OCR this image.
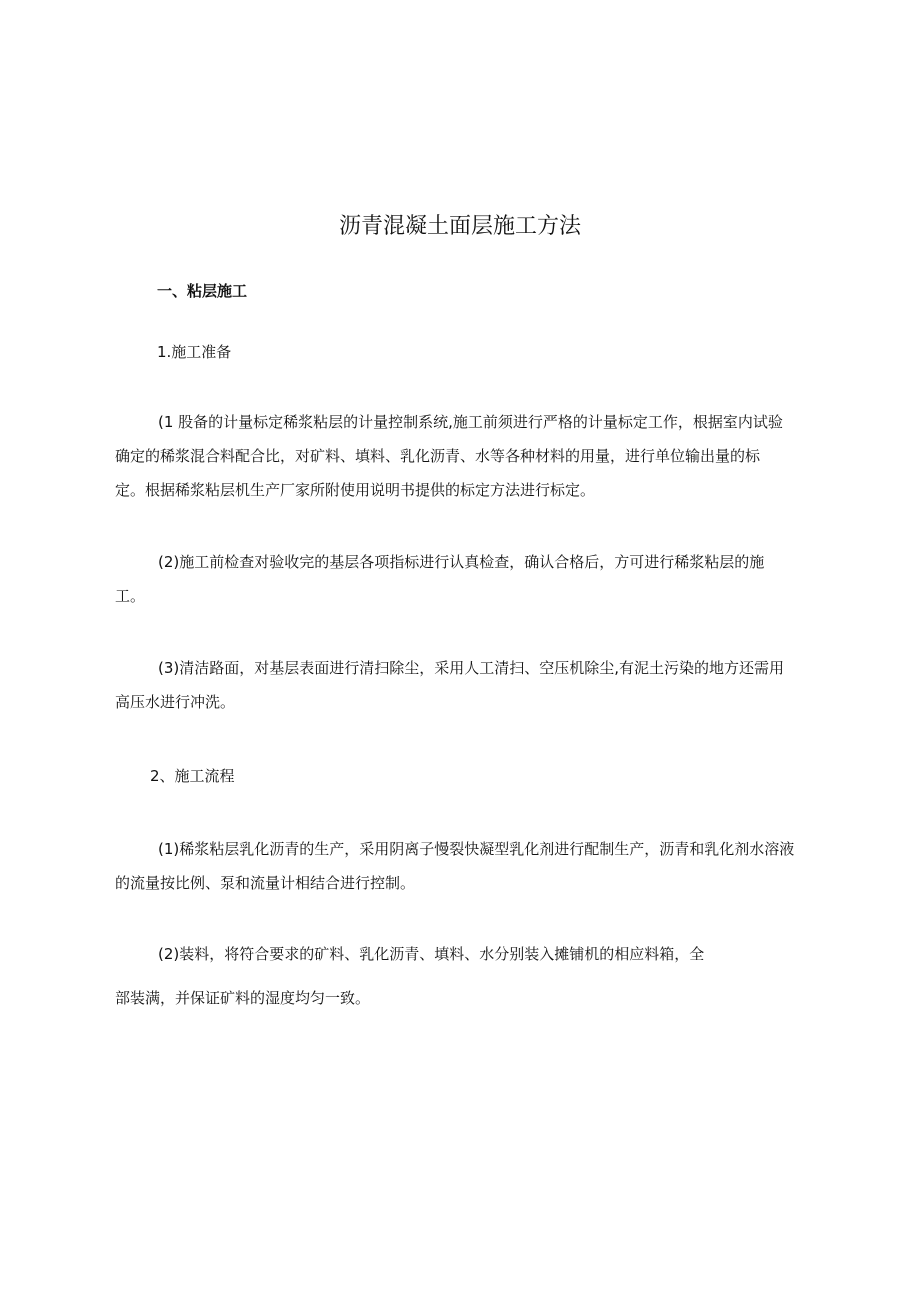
沥青混凝土面层施工方法
一、粘层施工
1.施工准备
(1 股备的计量标定稀浆粘层的计量控制系统,施工前须进行严格的计量标定工作，根据室内试验
确定的稀浆混合料配合比，对矿料、填料、乳化沥青、水等各种材料的用量，进行单位输出量的标
定。根据稀浆粘层机生产厂家所附使用说明书提供的标定方法进行标定。
(2)施工前检查对验收完的基层各项指标进行认真检查，确认合格后，方可进行稀浆粘层的施
工。
(3)清洁路面，对基层表面进行清扫除尘，采用人工清扫、空压机除尘,有泥土污染的地方还需用
高压水进行冲洗。
2、施工流程
(1)稀浆粘层乳化沥青的生产，采用阴离子慢裂快凝型乳化剂进行配制生产，沥青和乳化剂水溶液
的流量按比例、泵和流量计相结合进行控制。
(2)装料，将符合要求的矿料、乳化沥青、填料、水分别装入摊铺机的相应料箱，全
部装满，并保证矿料的湿度均匀一致。
